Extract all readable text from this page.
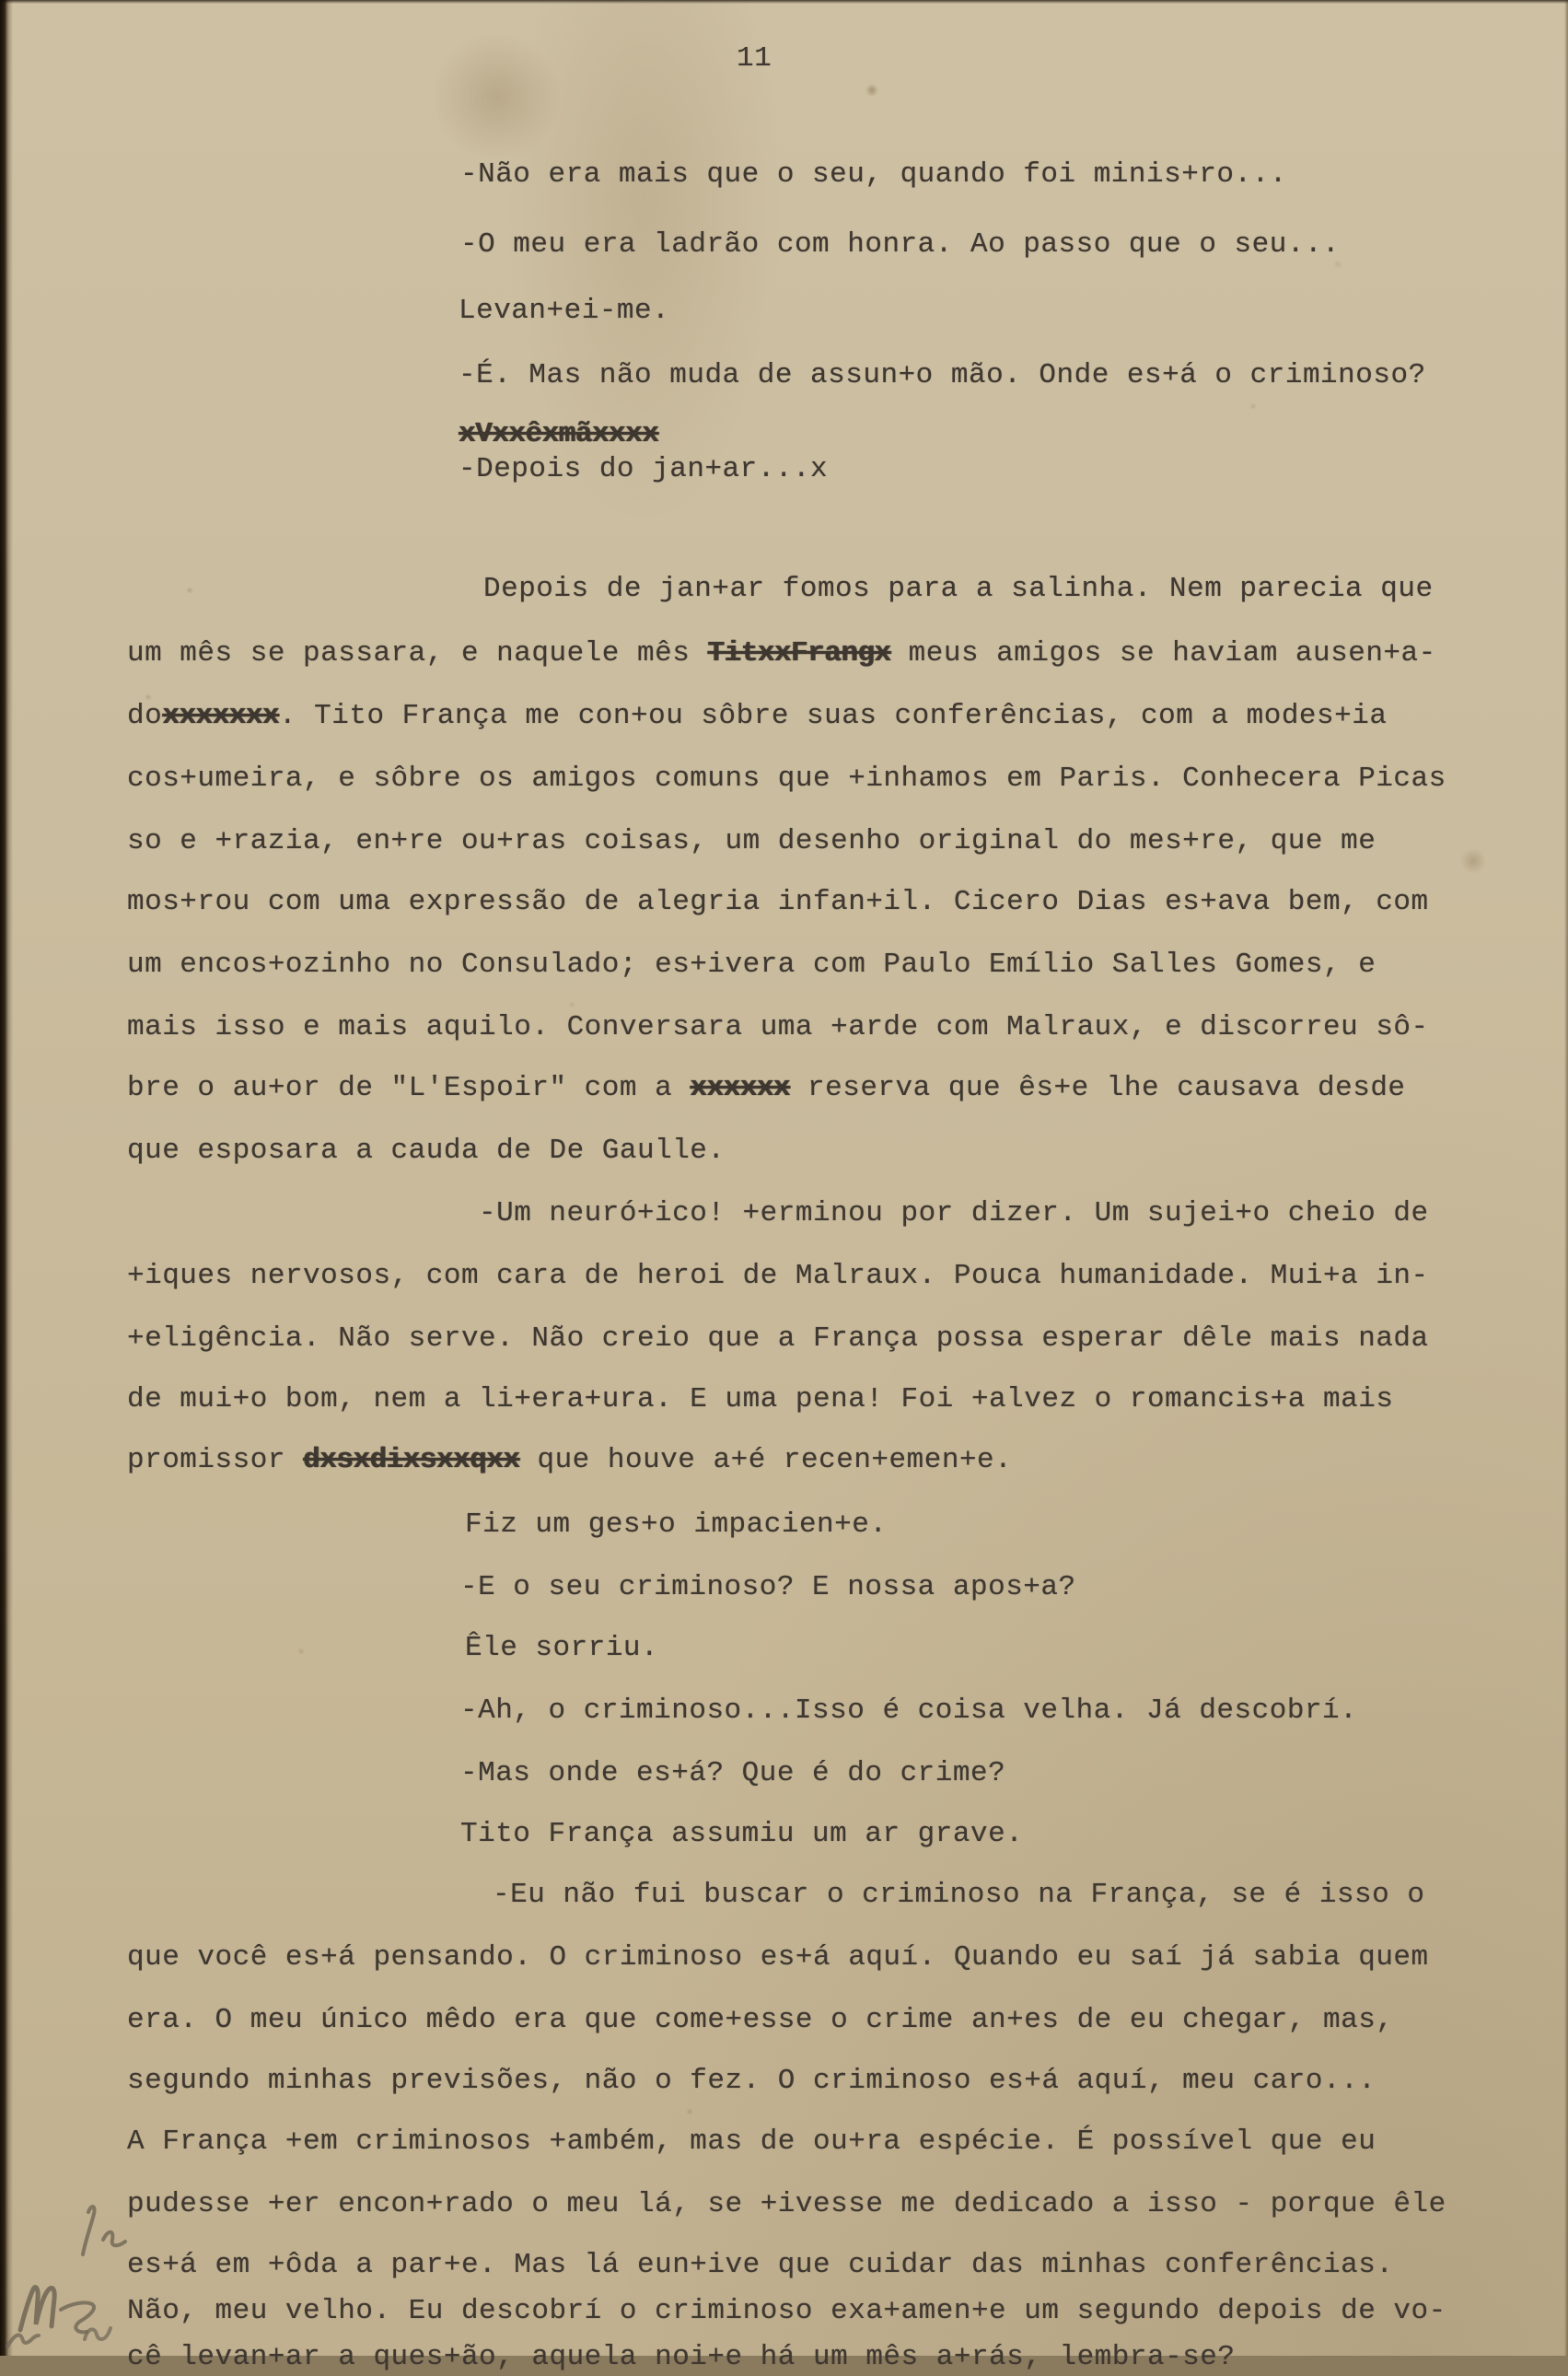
11
-Não era mais que o seu, quando foi minis+ro...
-O meu era ladrão com honra. Ao passo que o seu...
Levan+ei-me.
-É. Mas não muda de assun+o mão. Onde es+á o criminoso?
xVxxêxmãxxxx
-Depois do jan+ar...x
Depois de jan+ar fomos para a salinha. Nem parecia que
um mês se passara, e naquele mês TitxxFrangx meus amigos se haviam ausen+a-
doxxxxxxx. Tito França me con+ou sôbre suas conferências, com a modes+ia
cos+umeira, e sôbre os amigos comuns que +inhamos em Paris. Conhecera Picas
so e +razia, en+re ou+ras coisas, um desenho original do mes+re, que me
mos+rou com uma expressão de alegria infan+il. Cicero Dias es+ava bem, com
um encos+ozinho no Consulado; es+ivera com Paulo Emílio Salles Gomes, e
mais isso e mais aquilo. Conversara uma +arde com Malraux, e discorreu sô-
bre o au+or de "L'Espoir" com a xxxxxx reserva que ês+e lhe causava desde
que esposara a cauda de De Gaulle.
-Um neuró+ico! +erminou por dizer. Um sujei+o cheio de
+iques nervosos, com cara de heroi de Malraux. Pouca humanidade. Mui+a in-
+eligência. Não serve. Não creio que a França possa esperar dêle mais nada
de mui+o bom, nem a li+era+ura. E uma pena! Foi +alvez o romancis+a mais
promissor dxsxdixsxxqxx que houve a+é recen+emen+e.
Fiz um ges+o impacien+e.
-E o seu criminoso? E nossa apos+a?
Êle sorriu.
-Ah, o criminoso...Isso é coisa velha. Já descobrí.
-Mas onde es+á? Que é do crime?
Tito França assumiu um ar grave.
-Eu não fui buscar o criminoso na França, se é isso o
que você es+á pensando. O criminoso es+á aquí. Quando eu saí já sabia quem
era. O meu único mêdo era que come+esse o crime an+es de eu chegar, mas,
segundo minhas previsões, não o fez. O criminoso es+á aquí, meu caro...
A França +em criminosos +ambém, mas de ou+ra espécie. É possível que eu
pudesse +er encon+rado o meu lá, se +ivesse me dedicado a isso - porque êle
es+á em +ôda a par+e. Mas lá eun+ive que cuidar das minhas conferências.
Não, meu velho. Eu descobrí o criminoso exa+amen+e um segundo depois de vo-
cê levan+ar a ques+ão, aquela noi+e há um mês a+rás, lembra-se?
